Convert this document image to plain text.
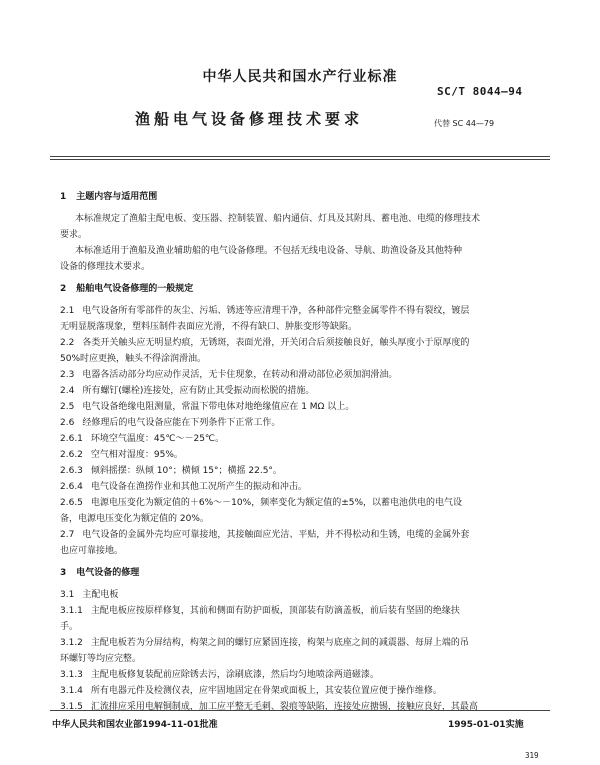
中华人民共和国水产行业标准
SC/T 8044—94
渔船电气设备修理技术要求	代替 SC 44—79
1 主题内容与适用范围
本标准规定了渔船主配电板、变压器、控制装置、船内通信、灯具及其附具、蓄电池、电缆的修理技术
要求。
本标准适用于渔船及渔业辅助船的电气设备修理。不包括无线电设备、导航、助渔设备及其他特种
设备的修理技术要求。
2 船舶电气设备修理的一般规定
2.1 电气设备所有零部件的灰尘、污垢、锈迹等应清理干净，各种部件完整金属零件不得有裂纹，镀层
无明显脱落现象，塑料压制件表面应光滑，不得有缺口、肿胀变形等缺陷。
2.2 各类开关触头应无明显灼痕，无锈斑，表面光滑，开关闭合后须接触良好，触头厚度小于原厚度的
50%时应更换，触头不得涂润滑油。
2.3 电器各活动部分均应动作灵活，无卡住现象，在转动和滑动部位必须加润滑油。
2.4 所有螺钉(螺栓)连接处，应有防止其受振动而松脱的措施。
2.5 电气设备绝缘电阻测量，常温下带电体对地绝缘值应在 1 MΩ 以上。
2.6 经修理后的电气设备应能在下列条件下正常工作。
2.6.1 环境空气温度：45℃～－25℃。
2.6.2 空气相对湿度：95%。
2.6.3 倾斜摇摆：纵倾 10°；横倾 15°；横摇 22.5°。
2.6.4 电气设备在渔捞作业和其他工况所产生的振动和冲击。
2.6.5 电源电压变化为额定值的＋6%～－10%，频率变化为额定值的±5%，以蓄电池供电的电气设
备，电源电压变化为额定值的 20%。
2.7 电气设备的金属外壳均应可靠接地，其接触面应光洁、平贴，并不得松动和生锈，电缆的金属外套
也应可靠接地。
3 电气设备的修理
3.1 主配电板
3.1.1 主配电板应按原样修复，其前和侧面有防护面板，顶部装有防滴盖板，前后装有坚固的绝缘扶
手。
3.1.2 主配电板若为分屏结构，构架之间的螺钉应紧固连接，构架与底座之间的减震器、每屏上端的吊
环螺钉等均应完整。
3.1.3 主配电板修复装配前应除锈去污，涂刷底漆，然后均匀地喷涂两道磁漆。
3.1.4 所有电器元件及检测仪表，应牢固地固定在骨架或面板上，其安装位置应便于操作维修。
3.1.5 汇流排应采用电解铜制成，加工应平整无毛刺、裂痕等缺陷，连接处应搪锡，接触应良好，其最高
中华人民共和国农业部1994-11-01批准	1995-01-01实施
319
